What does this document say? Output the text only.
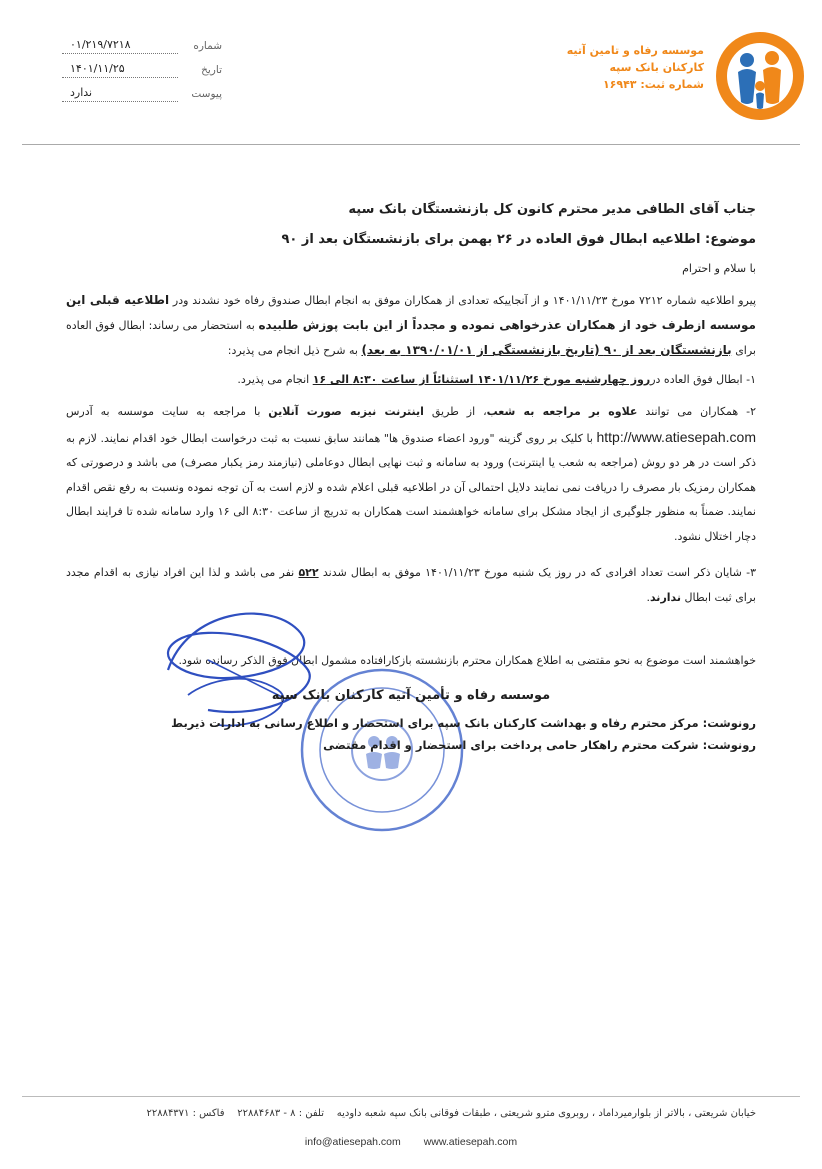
موسسه رفاه و تامین آتیه
کارکنان بانک سپه
شماره ثبت: ۱۶۹۴۳
شماره
۰۱/۲۱۹/۷۲۱۸
تاریخ
۱۴۰۱/۱۱/۲۵
پیوست
ندارد
جناب آقای الطافی مدیر محترم کانون کل بازنشستگان بانک سپه
موضوع: اطلاعیه ابطال فوق العاده در ۲۶ بهمن برای بازنشستگان بعد از ۹۰
با سلام و احترام
پیرو اطلاعیه شماره ۷۲۱۲ مورخ ۱۴۰۱/۱۱/۲۳ و از آنجاییکه تعدادی از همکاران موفق به انجام ابطال صندوق رفاه خود نشدند ودر اطلاعیه قبلی این موسسه ازطرف خود از همکاران عذرخواهی نموده و مجدداً از این بابت پوزش طلبیده به استحضار می رساند: ابطال فوق العاده برای بازنشستگان بعد از ۹۰ (تاریخ بازنشستگی از ۱۳۹۰/۰۱/۰۱ به بعد) به شرح ذیل انجام می پذیرد:
۱- ابطال فوق العاده درروز چهارشنبه مورخ ۱۴۰۱/۱۱/۲۶ استثنائاً از ساعت ۸:۳۰ الی ۱۶ انجام می پذیرد.
۲- همکاران می توانند علاوه بر مراجعه به شعب، از طریق اینترنت نیزبه صورت آنلاین با مراجعه به سایت موسسه به آدرس http://www.atiesepah.com با کلیک بر روی گزینه "ورود اعضاء صندوق ها" همانند سابق نسبت به ثبت درخواست ابطال خود اقدام نمایند. لازم به ذکر است در هر دو روش (مراجعه به شعب یا اینترنت) ورود به سامانه و ثبت نهایی ابطال دوعاملی (نیازمند رمز یکبار مصرف) می باشد و درصورتی که همکاران رمزیک بار مصرف را دریافت نمی نمایند دلایل احتمالی آن در اطلاعیه قبلی اعلام شده و لازم است به آن توجه نموده ونسبت به رفع نقص اقدام نمایند. ضمناً به منظور جلوگیری از ایجاد مشکل برای سامانه خواهشمند است همکاران به تدریج از ساعت ۸:۳۰ الی ۱۶ وارد سامانه شده تا فرایند ابطال دچار اختلال نشود.
۳- شایان ذکر است تعداد افرادی که در روز یک شنبه مورخ ۱۴۰۱/۱۱/۲۳ موفق به ابطال شدند ۵۲۲ نفر می باشد و لذا این افراد نیازی به اقدام مجدد برای ثبت ابطال ندارند.
خواهشمند است موضوع به نحو مقتضی به اطلاع همکاران محترم بازنشسته بازکارافتاده مشمول ابطال فوق الذکر رسانده شود.
موسسه رفاه و تأمین آتیه کارکنان بانک سپه
رونوشت: مرکز محترم رفاه و بهداشت کارکنان بانک سپه برای استحضار و اطلاع رسانی به ادارات ذیربط
رونوشت: شرکت محترم راهکار حامی پرداخت برای استحضار و اقدام مقتضی
خیابان شریعتی ، بالاتر از بلوارمیرداماد ، روبروی مترو شریعتی ، طبقات فوقانی بانک سپه شعبه داودیه    تلفن : ۸ - ۲۲۸۸۴۶۸۳    فاکس : ۲۲۸۸۴۳۷۱
info@atiesepah.com www.atiesepah.com
